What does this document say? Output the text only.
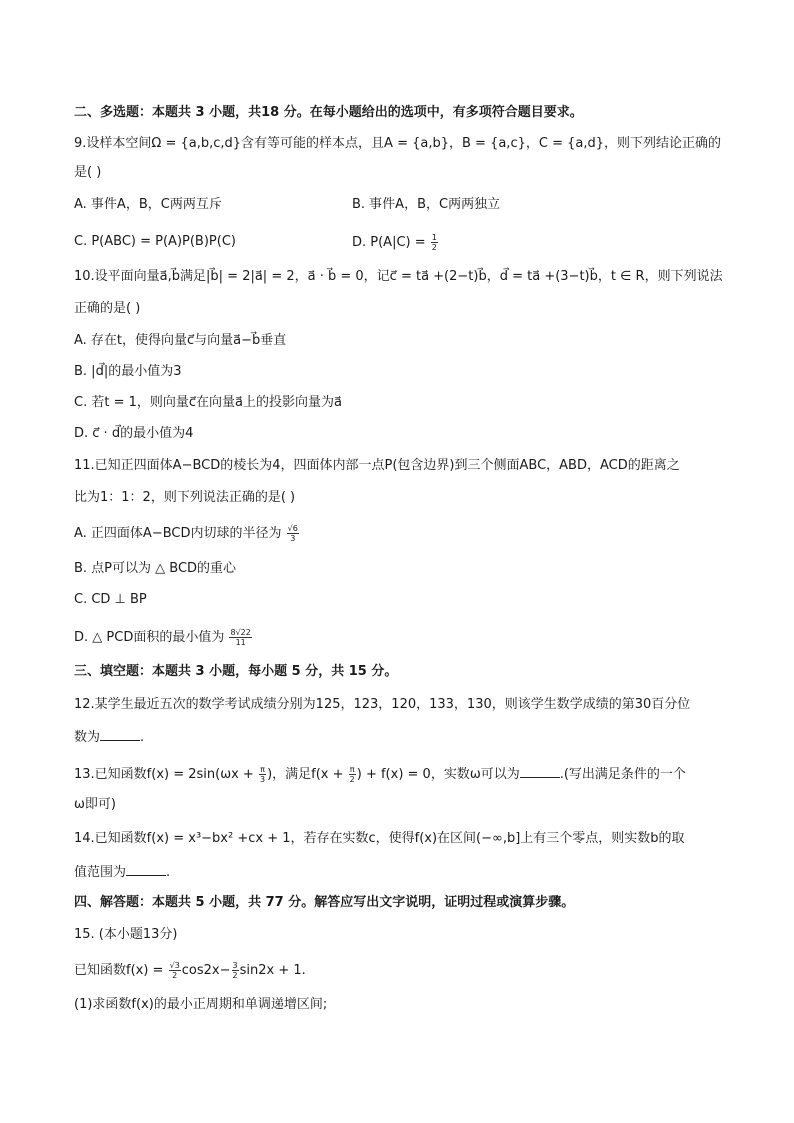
二、多选题：本题共 3 小题，共18 分。在每小题给出的选项中，有多项符合题目要求。
9.设样本空间Ω = {a,b,c,d}含有等可能的样本点，且A = {a,b}，B = {a,c}，C = {a,d}，则下列结论正确的
是( )
A. 事件A，B，C两两互斥	B. 事件A，B，C两两独立
C. P(ABC) = P(A)P(B)P(C)	D. $P(A|C) = \frac{1}{2}$
10.设平面向量a⃗,b⃗满足|b⃗| = 2|a⃗| = 2，a⃗ · b⃗ = 0，记c⃗ = ta⃗ +(2−t)b⃗，d⃗ = ta⃗ +(3−t)b⃗，t ∈ R，则下列说法
正确的是( )
A. 存在t，使得向量c⃗与向量a⃗−b⃗垂直
B. |d⃗|的最小值为3
C. 若t = 1，则向量c⃗在向量a⃗上的投影向量为a⃗
D. c⃗ · d⃗的最小值为4
11.已知正四面体A−BCD的棱长为4，四面体内部一点P(包含边界)到三个侧面ABC，ABD，ACD的距离之
比为1：1：2，则下列说法正确的是( )
A. 正四面体A−BCD内切球的半径为 $\frac{√6}{3}$
B. 点P可以为 △ BCD的重心
C. CD ⊥ BP
D. △ PCD面积的最小值为 $\frac{8√22}{11}$
三、填空题：本题共 3 小题，每小题 5 分，共 15 分。
12.某学生最近五次的数学考试成绩分别为125，123，120，133，130，则该学生数学成绩的第30百分位
数为	.
13.已知函数$f(x) = 2\sin(\omega x + \frac{\pi}{3}$ )，满足$f(x + \frac{\pi}{2}$ ) + f(x) = 0，实数ω可以为	.(写出满足条件的一个
ω即可)
14.已知函数f(x) = x³−bx² +cx + 1，若存在实数c，使得f(x)在区间(−∞,b]上有三个零点，则实数b的取
值范围为	.
四、解答题：本题共 5 小题，共 77 分。解答应写出文字说明，证明过程或演算步骤。
15. (本小题13分)
已知函数$f(x) = \frac{√3}{2} \cos 2x- \frac{3}{2} \sin 2x + 1$.
(1)求函数f(x)的最小正周期和单调递增区间;
